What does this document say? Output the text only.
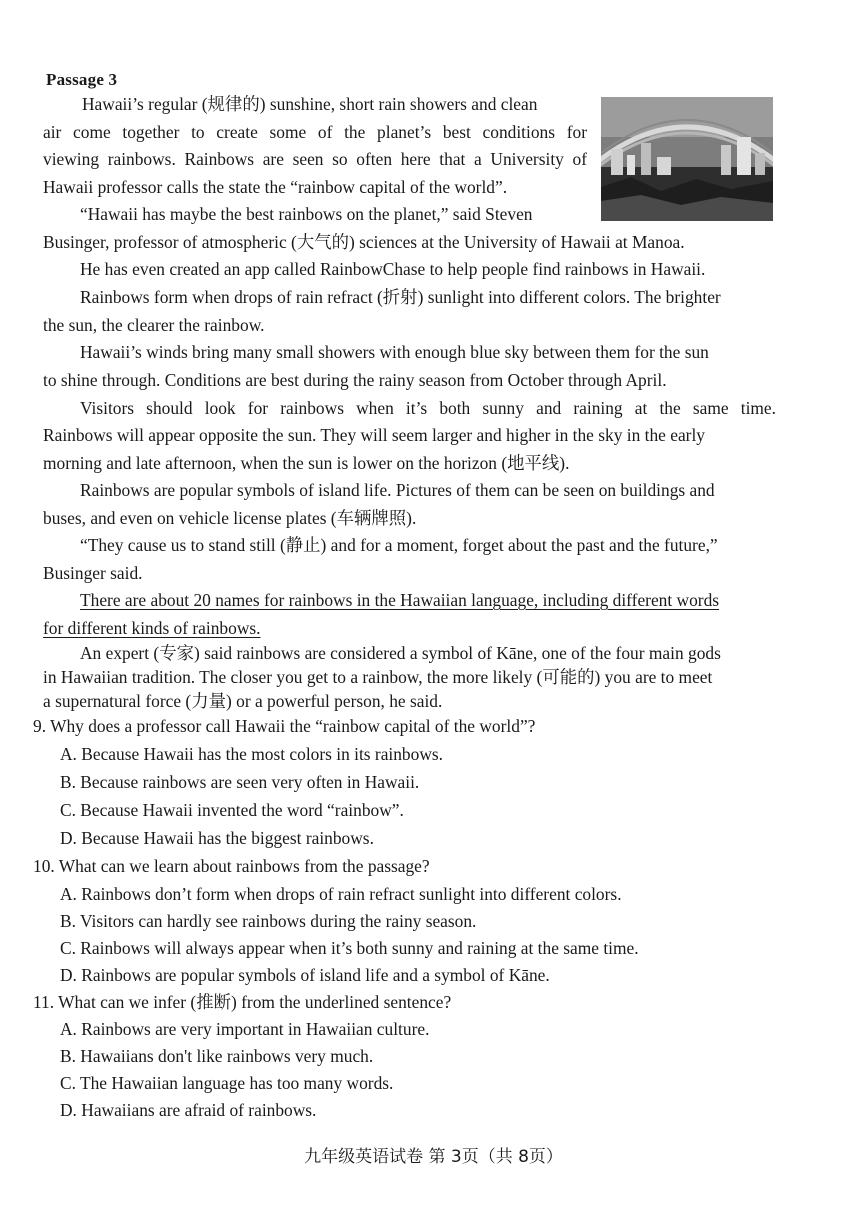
Passage 3
Hawaii’s regular (规律的) sunshine, short rain showers and clean
air come together to create some of the planet’s best conditions for
viewing rainbows. Rainbows are seen so often here that a University of
Hawaii professor calls the state the “rainbow capital of the world”.
“Hawaii has maybe the best rainbows on the planet,” said Steven
Businger, professor of atmospheric (大气的) sciences at the University of Hawaii at Manoa.
He has even created an app called RainbowChase to help people find rainbows in Hawaii.
Rainbows form when drops of rain refract (折射) sunlight into different colors. The brighter
the sun, the clearer the rainbow.
Hawaii’s winds bring many small showers with enough blue sky between them for the sun
to shine through. Conditions are best during the rainy season from October through April.
Visitors should look for rainbows when it’s both sunny and raining at the same time.
Rainbows will appear opposite the sun. They will seem larger and higher in the sky in the early
morning and late afternoon, when the sun is lower on the horizon (地平线).
Rainbows are popular symbols of island life. Pictures of them can be seen on buildings and
buses, and even on vehicle license plates (车辆牌照).
“They cause us to stand still (静止) and for a moment, forget about the past and the future,”
Businger said.
There are about 20 names for rainbows in the Hawaiian language, including different words
for different kinds of rainbows.
An expert (专家) said rainbows are considered a symbol of Kāne, one of the four main gods
in Hawaiian tradition. The closer you get to a rainbow, the more likely (可能的) you are to meet
a supernatural force (力量) or a powerful person, he said.
9. Why does a professor call Hawaii the “rainbow capital of the world”?
A. Because Hawaii has the most colors in its rainbows.
B. Because rainbows are seen very often in Hawaii.
C. Because Hawaii invented the word “rainbow”.
D. Because Hawaii has the biggest rainbows.
10. What can we learn about rainbows from the passage?
A. Rainbows don’t form when drops of rain refract sunlight into different colors.
B. Visitors can hardly see rainbows during the rainy season.
C. Rainbows will always appear when it’s both sunny and raining at the same time.
D. Rainbows are popular symbols of island life and a symbol of Kāne.
11. What can we infer (推断) from the underlined sentence?
A. Rainbows are very important in Hawaiian culture.
B. Hawaiians don't like rainbows very much.
C. The Hawaiian language has too many words.
D. Hawaiians are afraid of rainbows.
九年级英语试卷 第 3页（共 8页）
